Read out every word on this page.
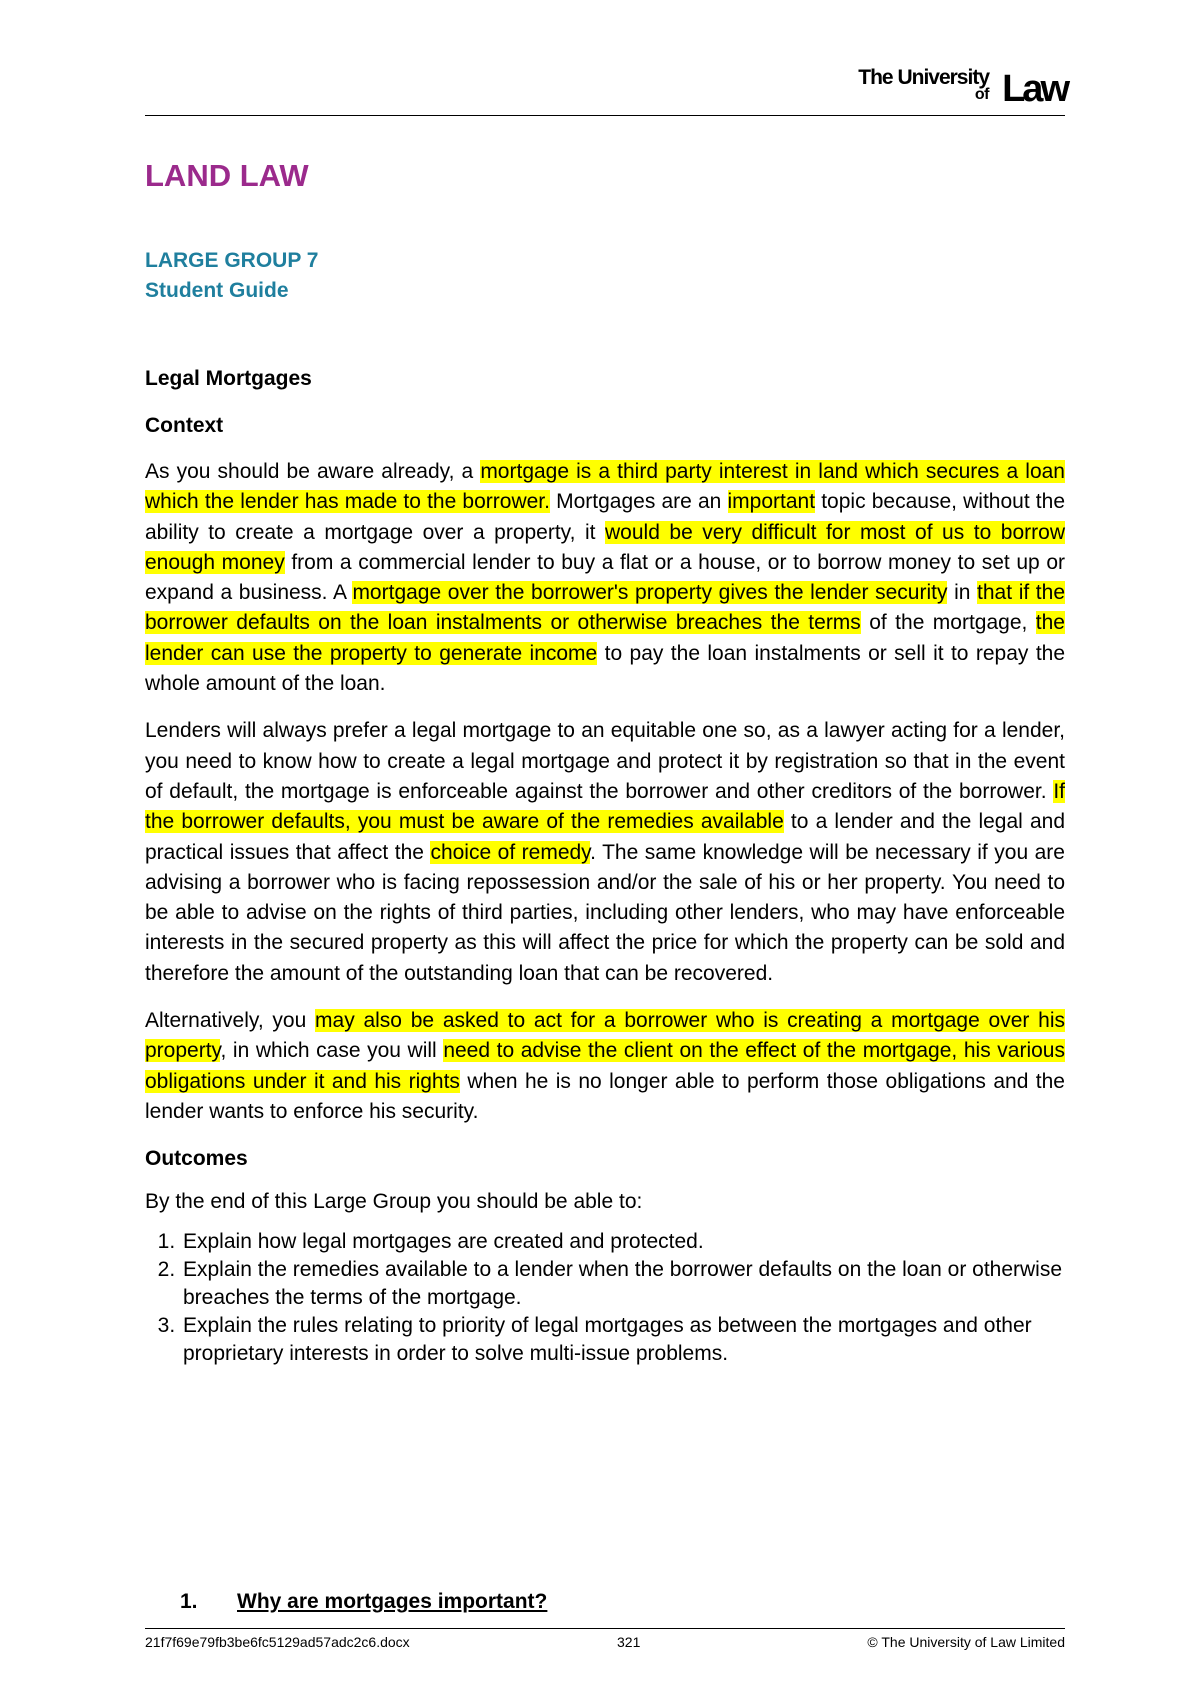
The University
of Law
LAND LAW
LARGE GROUP 7
Student Guide
Legal Mortgages
Context

As you should be aware already, a mortgage is a third party interest in land which secures a loan which the lender has made to the borrower. Mortgages are an important topic because, without the ability to create a mortgage over a property, it would be very difficult for most of us to borrow enough money from a commercial lender to buy a flat or a house, or to borrow money to set up or expand a business. A mortgage over the borrower's property gives the lender security in that if the borrower defaults on the loan instalments or otherwise breaches the terms of the mortgage, the lender can use the property to generate income to pay the loan instalments or sell it to repay the whole amount of the loan.

Lenders will always prefer a legal mortgage to an equitable one so, as a lawyer acting for a lender, you need to know how to create a legal mortgage and protect it by registration so that in the event of default, the mortgage is enforceable against the borrower and other creditors of the borrower. If the borrower defaults, you must be aware of the remedies available to a lender and the legal and practical issues that affect the choice of remedy. The same knowledge will be necessary if you are advising a borrower who is facing repossession and/or the sale of his or her property. You need to be able to advise on the rights of third parties, including other lenders, who may have enforceable interests in the secured property as this will affect the price for which the property can be sold and therefore the amount of the outstanding loan that can be recovered.

Alternatively, you may also be asked to act for a borrower who is creating a mortgage over his property, in which case you will need to advise the client on the effect of the mortgage, his various obligations under it and his rights when he is no longer able to perform those obligations and the lender wants to enforce his security.

Outcomes

By the end of this Large Group you should be able to:

1. Explain how legal mortgages are created and protected.
2. Explain the remedies available to a lender when the borrower defaults on the loan or otherwise breaches the terms of the mortgage.
3. Explain the rules relating to priority of legal mortgages as between the mortgages and other proprietary interests in order to solve multi-issue problems.
1. Why are mortgages important?
21f7f69e79fb3be6fc5129ad57adc2c6.docx	321	© The University of Law Limited
